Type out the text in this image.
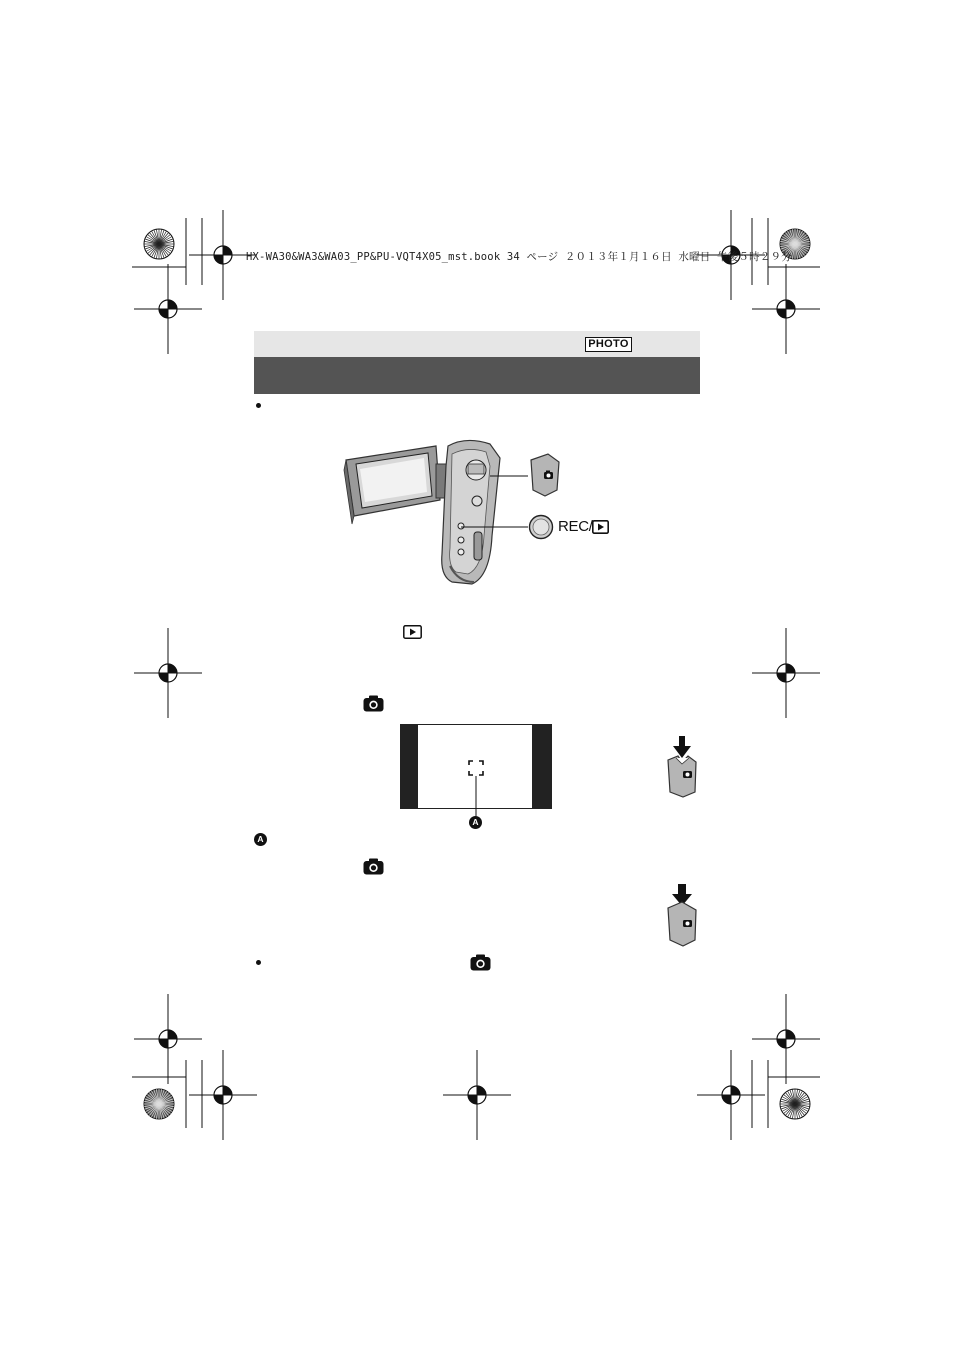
HX-WA30&WA3&WA03_PP&PU-VQT4X05_mst.book 34 ページ ２０１３年１月１６日 水曜日 午後５時２９分
PHOTO
REC/
A
A
